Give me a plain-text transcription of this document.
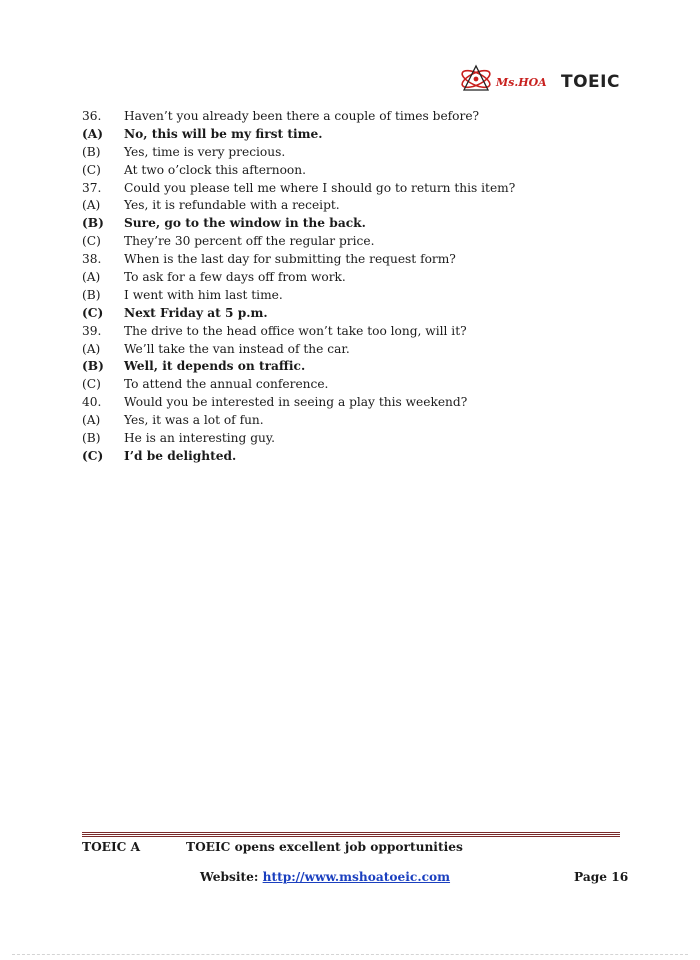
Ms.HOA TOEIC
36.	Haven’t you already been there a couple of times before?
(A)	No, this will be my first time.
(B)	Yes, time is very precious.
(C)	At two o’clock this afternoon.
37.	Could you please tell me where I should go to return this item?
(A)	Yes, it is refundable with a receipt.
(B)	Sure, go to the window in the back.
(C)	They’re 30 percent off the regular price.
38.	When is the last day for submitting the request form?
(A)	To ask for a few days off from work.
(B)	I went with him last time.
(C)	Next Friday at 5 p.m.
39.	The drive to the head office won’t take too long, will it?
(A)	We’ll take the van instead of the car.
(B)	Well, it depends on traffic.
(C)	To attend the annual conference.
40.	Would you be interested in seeing a play this weekend?
(A)	Yes, it was a lot of fun.
(B)	He is an interesting guy.
(C)	I’d be delighted.
TOEIC A	TOEIC opens excellent job opportunities
Website: http://www.mshoatoeic.com	Page 16
